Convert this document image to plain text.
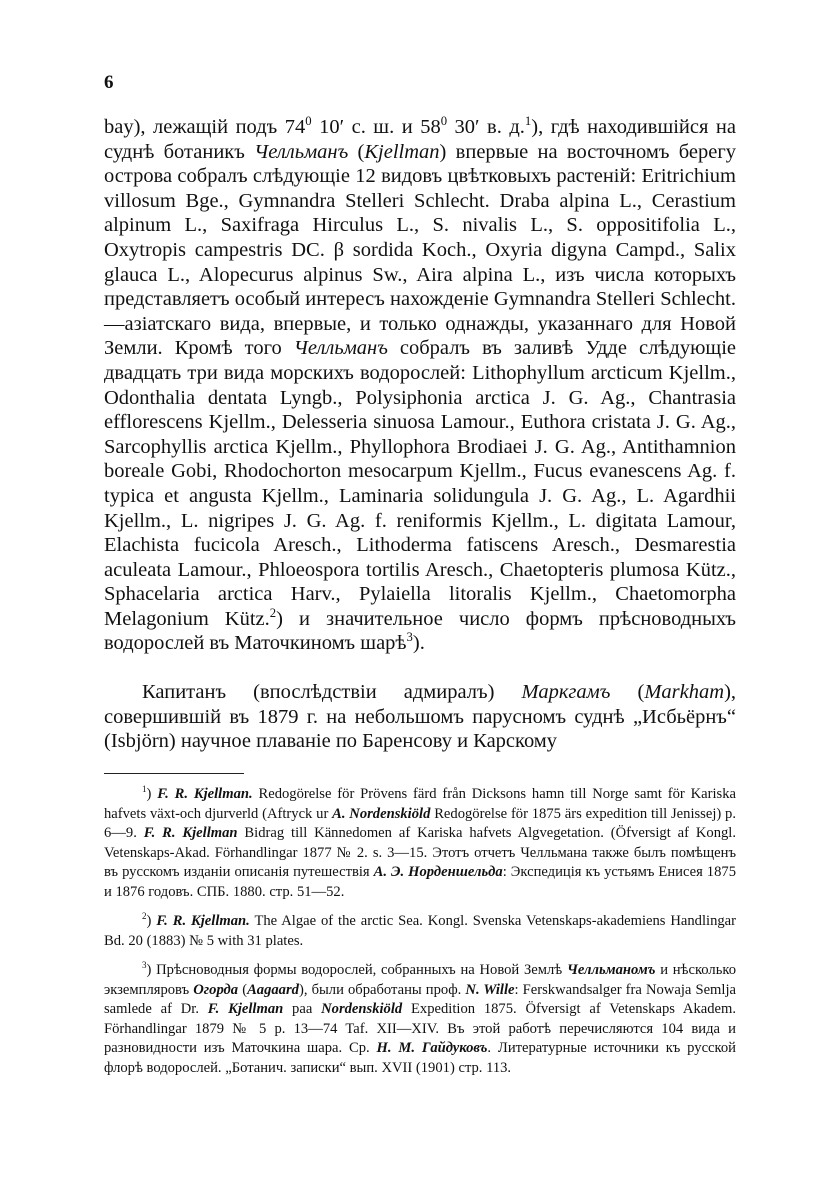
6

bay), лежащій подъ 74$^0$ 10′ с. ш. и 58$^0$ 30′ в. д.$^1$), гдѣ находившійся на суднѣ ботаникъ Челльманъ (Kjellman) впервые на восточномъ берегу острова собралъ слѣдующіе 12 видовъ цвѣтковыхъ растеній: Eritrichium villosum Bge., Gymnandra Stelleri Schlecht. Draba alpina L., Cerastium alpinum L., Saxifraga Hirculus L., S. nivalis L., S. oppositifolia L., Oxytropis campestris DC. β sordida Koch., Oxyria digyna Campd., Salix glauca L., Alopecurus alpinus Sw., Aira alpina L., изъ числа которыхъ представляетъ особый интересъ нахожденіе Gymnandra Stelleri Schlecht.—азіатскаго вида, впервые, и только однажды, указаннаго для Новой Земли. Кромѣ того Челльманъ собралъ въ заливѣ Удде слѣдующіе двадцать три вида морскихъ водорослей: Lithophyllum arcticum Kjellm., Odonthalia dentata Lyngb., Polysiphonia arctica J. G. Ag., Chantrasia efflorescens Kjellm., Delesseria sinuosa Lamour., Euthora cristata J. G. Ag., Sarcophyllis arctica Kjellm., Phyllophora Brodiaei J. G. Ag., Antithamnion boreale Gobi, Rhodochorton mesocarpum Kjellm., Fucus evanescens Ag. f. typica et angusta Kjellm., Laminaria solidungula J. G. Ag., L. Agardhii Kjellm., L. nigripes J. G. Ag. f. reniformis Kjellm., L. digitata Lamour, Elachista fucicola Aresch., Lithoderma fatiscens Aresch., Desmarestia aculeata Lamour., Phloeospora tortilis Aresch., Chaetopteris plumosa Kütz., Sphacelaria arctica Harv., Pylaiella litoralis Kjellm., Chaetomorpha Melagonium Kütz.$^2$) и значительное число формъ прѣсноводныхъ водорослей въ Маточкиномъ шарѣ$^3$).

Капитанъ (впослѣдствіи адмиралъ) Маркгамъ (Markham), совершившій въ 1879 г. на небольшомъ парусномъ суднѣ „Исбьёрнъ“ (Isbjörn) научное плаваніе по Баренсову и Карскому

$^1$) F. R. Kjellman. Redogörelse för Prövens färd från Dicksons hamn till Norge samt för Kariska hafvets växt-och djurverld (Aftryck ur A. Nordenskiöld Redogörelse för 1875 ärs expedition till Jenissej) p. 6—9. F. R. Kjellman Bidrag till Kännedomen af Kariska hafvets Algvegetation. (Öfversigt af Kongl. Vetenskaps-Akad. Förhandlingar 1877 № 2. s. 3—15. Этотъ отчетъ Челльмана также былъ помѣщенъ въ русскомъ изданіи описанія путешествія А. Э. Норденшельда: Экспедиція къ устьямъ Енисея 1875 и 1876 годовъ. СПБ. 1880. стр. 51—52.

$^2$) F. R. Kjellman. The Algae of the arctic Sea. Kongl. Svenska Vetenskaps-akademiens Handlingar Bd. 20 (1883) № 5 with 31 plates.

$^3$) Прѣсноводныя формы водорослей, собранныхъ на Новой Землѣ Челльманомъ и нѣсколько экземпляровъ Огорда (Aagaard), были обработаны проф. N. Wille: Ferskwandsalger fra Nowaja Semlja samlede af Dr. F. Kjellman paa Nordenskiöld Expedition 1875. Öfversigt af Vetenskaps Akadem. Förhandlingar 1879 № 5 p. 13—74 Taf. XII—XIV. Въ этой работѣ перечисляются 104 вида и разновидности изъ Маточкина шара. Ср. Н. М. Гайдуковъ. Литературные источники къ русской флорѣ водорослей. „Ботанич. записки“ вып. XVII (1901) стр. 113.
